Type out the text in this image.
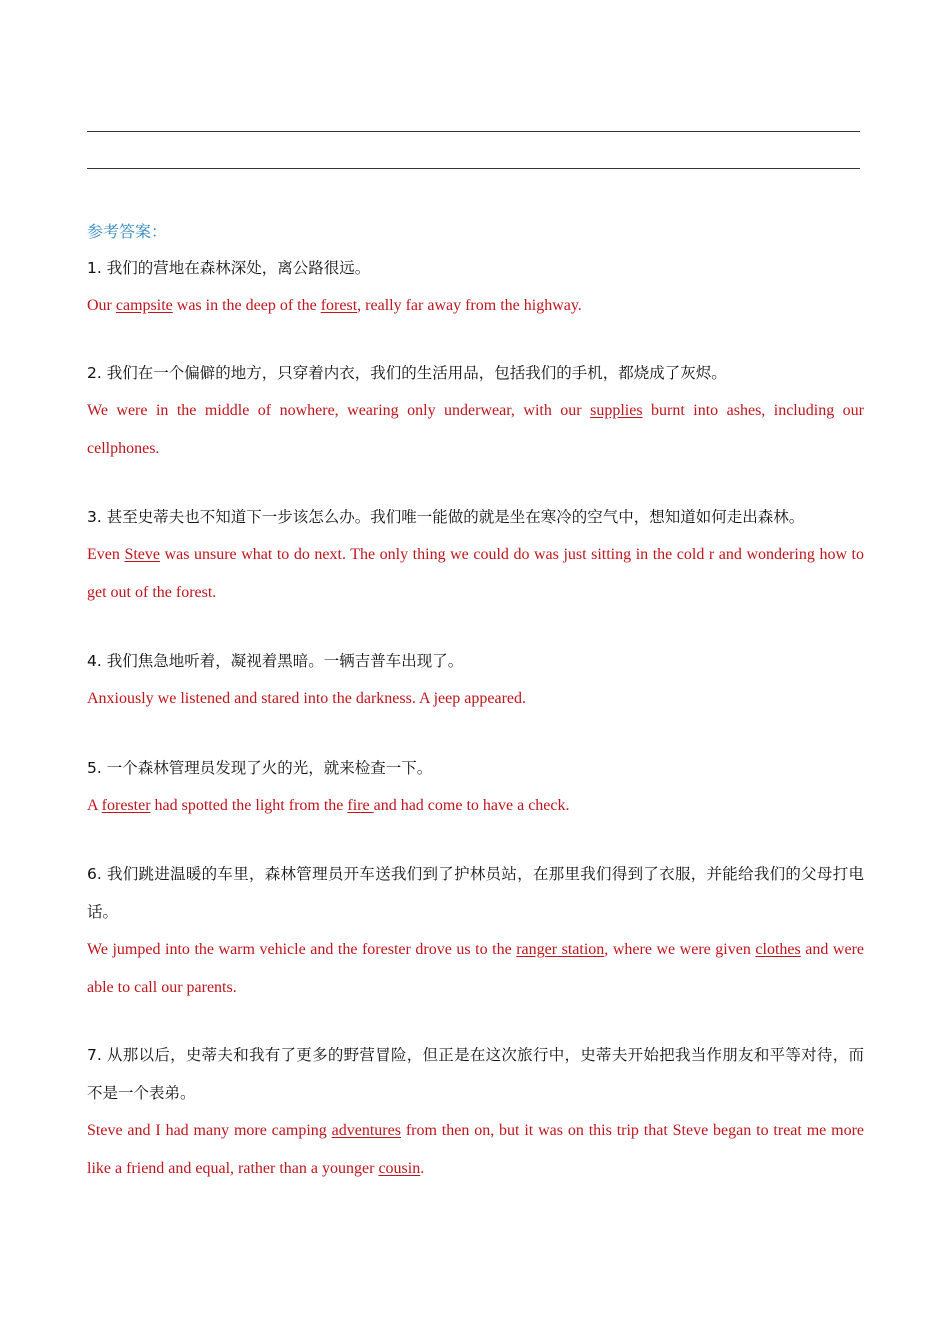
参考答案：

1. 我们的营地在森林深处，离公路很远。

Our campsite was in the deep of the forest, really far away from the highway.

2. 我们在一个偏僻的地方，只穿着内衣，我们的生活用品，包括我们的手机，都烧成了灰烬。

We were in the middle of nowhere, wearing only underwear, with our supplies burnt into ashes, including our cellphones.

3. 甚至史蒂夫也不知道下一步该怎么办。我们唯一能做的就是坐在寒冷的空气中，想知道如何走出森林。

Even Steve was unsure what to do next. The only thing we could do was just sitting in the cold r and wondering how to get out of the forest.

4. 我们焦急地听着，凝视着黑暗。一辆吉普车出现了。

Anxiously we listened and stared into the darkness. A jeep appeared.

5. 一个森林管理员发现了火的光，就来检查一下。

A forester had spotted the light from the fire and had come to have a check.

6. 我们跳进温暖的车里，森林管理员开车送我们到了护林员站，在那里我们得到了衣服，并能给我们的父母打电话。

We jumped into the warm vehicle and the forester drove us to the ranger station, where we were given clothes and were able to call our parents.

7. 从那以后，史蒂夫和我有了更多的野营冒险，但正是在这次旅行中，史蒂夫开始把我当作朋友和平等对待，而不是一个表弟。

Steve and I had many more camping adventures from then on, but it was on this trip that Steve began to treat me more like a friend and equal, rather than a younger cousin.
